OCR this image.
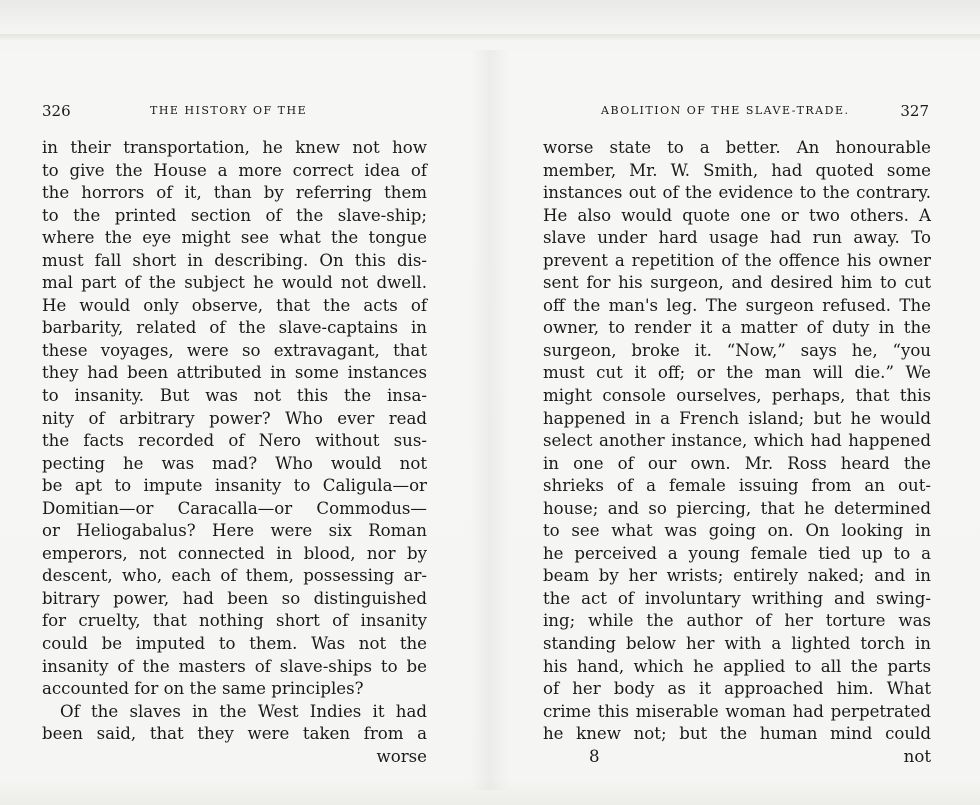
326	THE HISTORY OF THE
in their transportation, he knew not how
to give the House a more correct idea of
the horrors of it, than by referring them
to the printed section of the slave-ship;
where the eye might see what the tongue
must fall short in describing. On this dis-
mal part of the subject he would not dwell.
He would only observe, that the acts of
barbarity, related of the slave-captains in
these voyages, were so extravagant, that
they had been attributed in some instances
to insanity. But was not this the insa-
nity of arbitrary power? Who ever read
the facts recorded of Nero without sus-
pecting he was mad? Who would not
be apt to impute insanity to Caligula—or
Domitian—or Caracalla—or Commodus—
or Heliogabalus? Here were six Roman
emperors, not connected in blood, nor by
descent, who, each of them, possessing ar-
bitrary power, had been so distinguished
for cruelty, that nothing short of insanity
could be imputed to them. Was not the
insanity of the masters of slave-ships to be
accounted for on the same principles?
Of the slaves in the West Indies it had
been said, that they were taken from a
worse
ABOLITION OF THE SLAVE-TRADE.	327
worse state to a better. An honourable
member, Mr. W. Smith, had quoted some
instances out of the evidence to the contrary.
He also would quote one or two others. A
slave under hard usage had run away. To
prevent a repetition of the offence his owner
sent for his surgeon, and desired him to cut
off the man's leg. The surgeon refused. The
owner, to render it a matter of duty in the
surgeon, broke it. “Now,” says he, “you
must cut it off; or the man will die.” We
might console ourselves, perhaps, that this
happened in a French island; but he would
select another instance, which had happened
in one of our own. Mr. Ross heard the
shrieks of a female issuing from an out-
house; and so piercing, that he determined
to see what was going on. On looking in
he perceived a young female tied up to a
beam by her wrists; entirely naked; and in
the act of involuntary writhing and swing-
ing; while the author of her torture was
standing below her with a lighted torch in
his hand, which he applied to all the parts
of her body as it approached him. What
crime this miserable woman had perpetrated
he knew not; but the human mind could
8	not
